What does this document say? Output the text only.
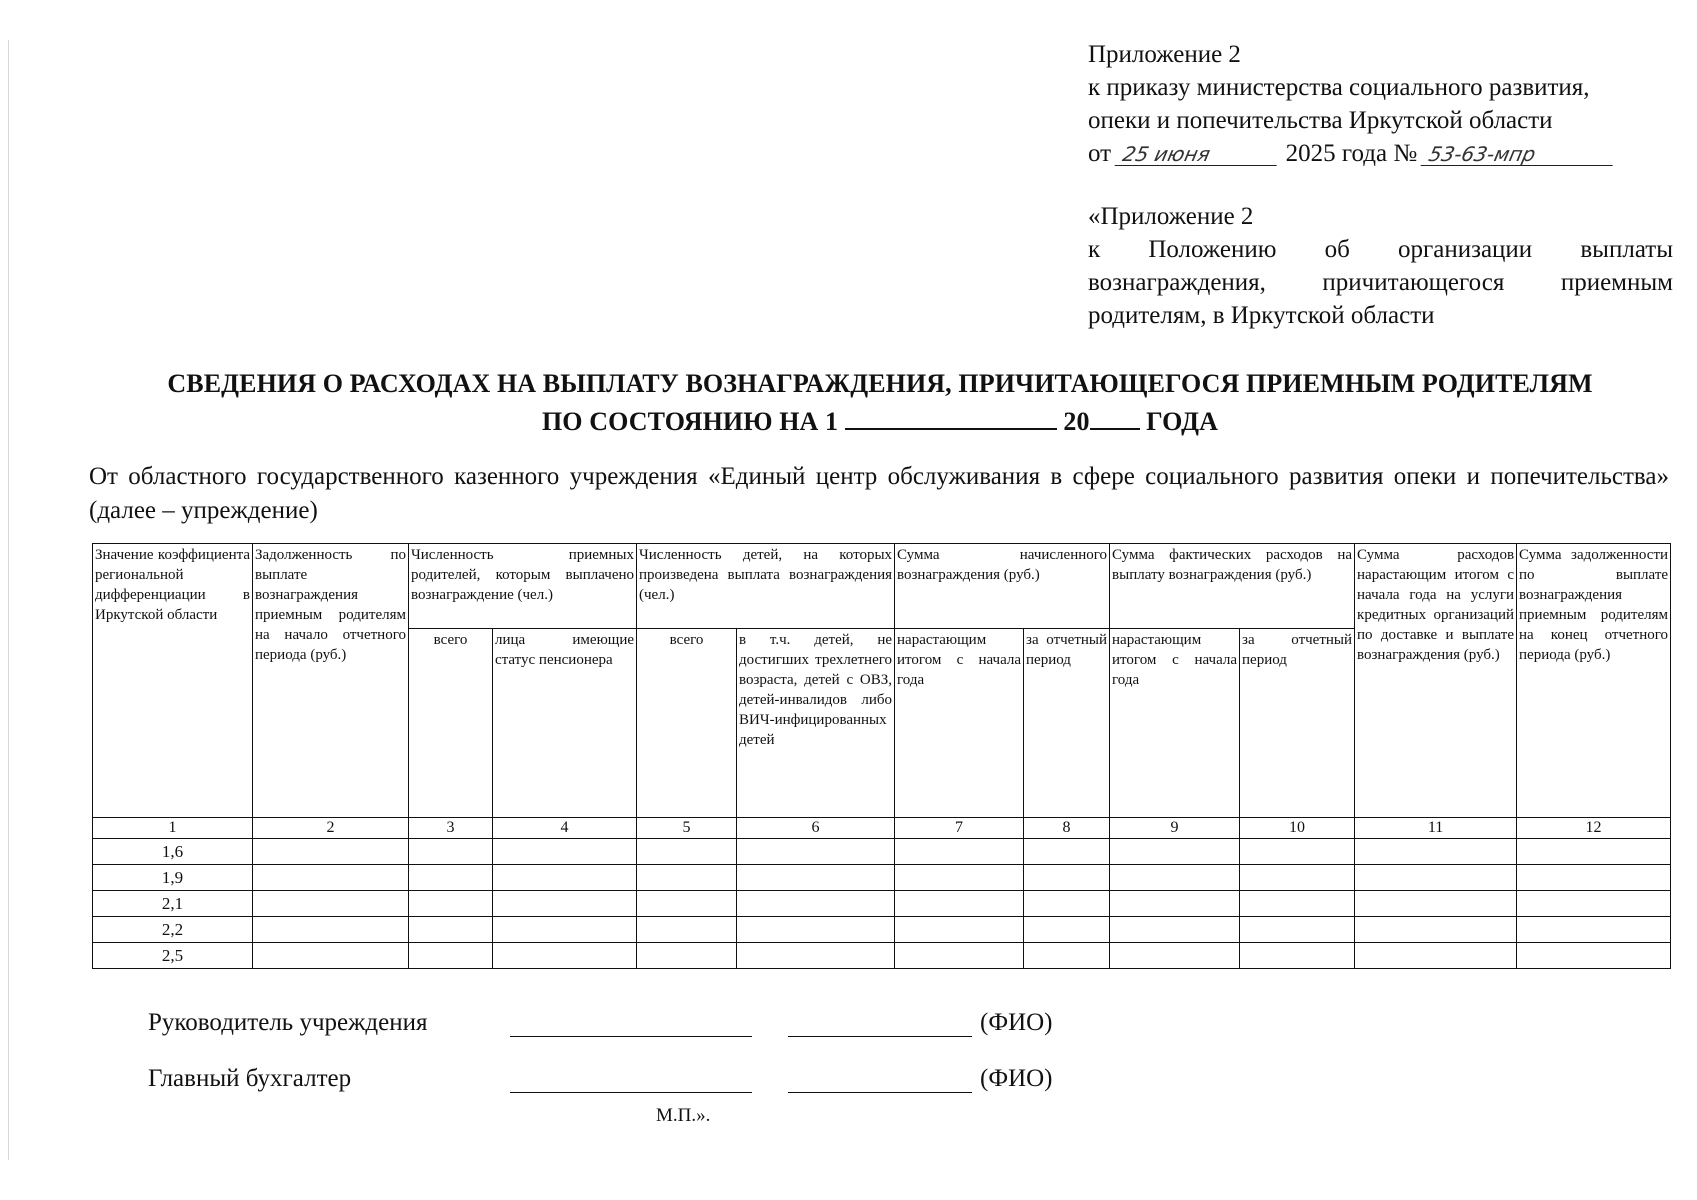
Приложение 2
к приказу министерства социального развития,
опеки и попечительства Иркутской области
от 25 июня	2025 года № 53-63-мпр
«Приложение 2
к Положению об организации выплаты
вознаграждения, причитающегося приемным
родителям, в Иркутской области
СВЕДЕНИЯ О РАСХОДАХ НА ВЫПЛАТУ ВОЗНАГРАЖДЕНИЯ, ПРИЧИТАЮЩЕГОСЯ ПРИЕМНЫМ РОДИТЕЛЯМ
ПО СОСТОЯНИЮ НА 1	20 ГОДА
От областного государственного казенного учреждения «Единый центр обслуживания в сфере социального развития опеки и попечительства» (далее – упреждение)
Значение коэффициента региональной дифференциации в Иркутской области	Задолженность по выплате вознаграждения приемным родителям на начало отчетного периода (руб.)	Численность приемных родителей, которым выплачено вознаграждение (чел.)		Численность детей, на которых произведена выплата вознаграждения (чел.)		Сумма начисленного вознаграждения (руб.)		Сумма фактических расходов на выплату вознаграждения (руб.)		Сумма расходов нарастающим итогом с начала года на услуги кредитных организаций по доставке и выплате вознаграждения (руб.)	Сумма задолженности по выплате вознаграждения приемным родителям на конец отчетного периода (руб.)
		всего	лица имеющие статус пенсионера	всего	в т.ч. детей, не достигших трехлетнего возраста, детей с ОВЗ, детей-инвалидов либо ВИЧ-инфицированных детей	нарастающим итогом с начала года	за отчетный период	нарастающим итогом с начала года	за отчетный период		
1	2	3	4	5	6	7	8	9	10	11	12
1,6											
1,9											
2,1											
2,2											
2,5											
Руководитель учреждения	(ФИО)
Главный бухгалтер	(ФИО)
М.П.».
